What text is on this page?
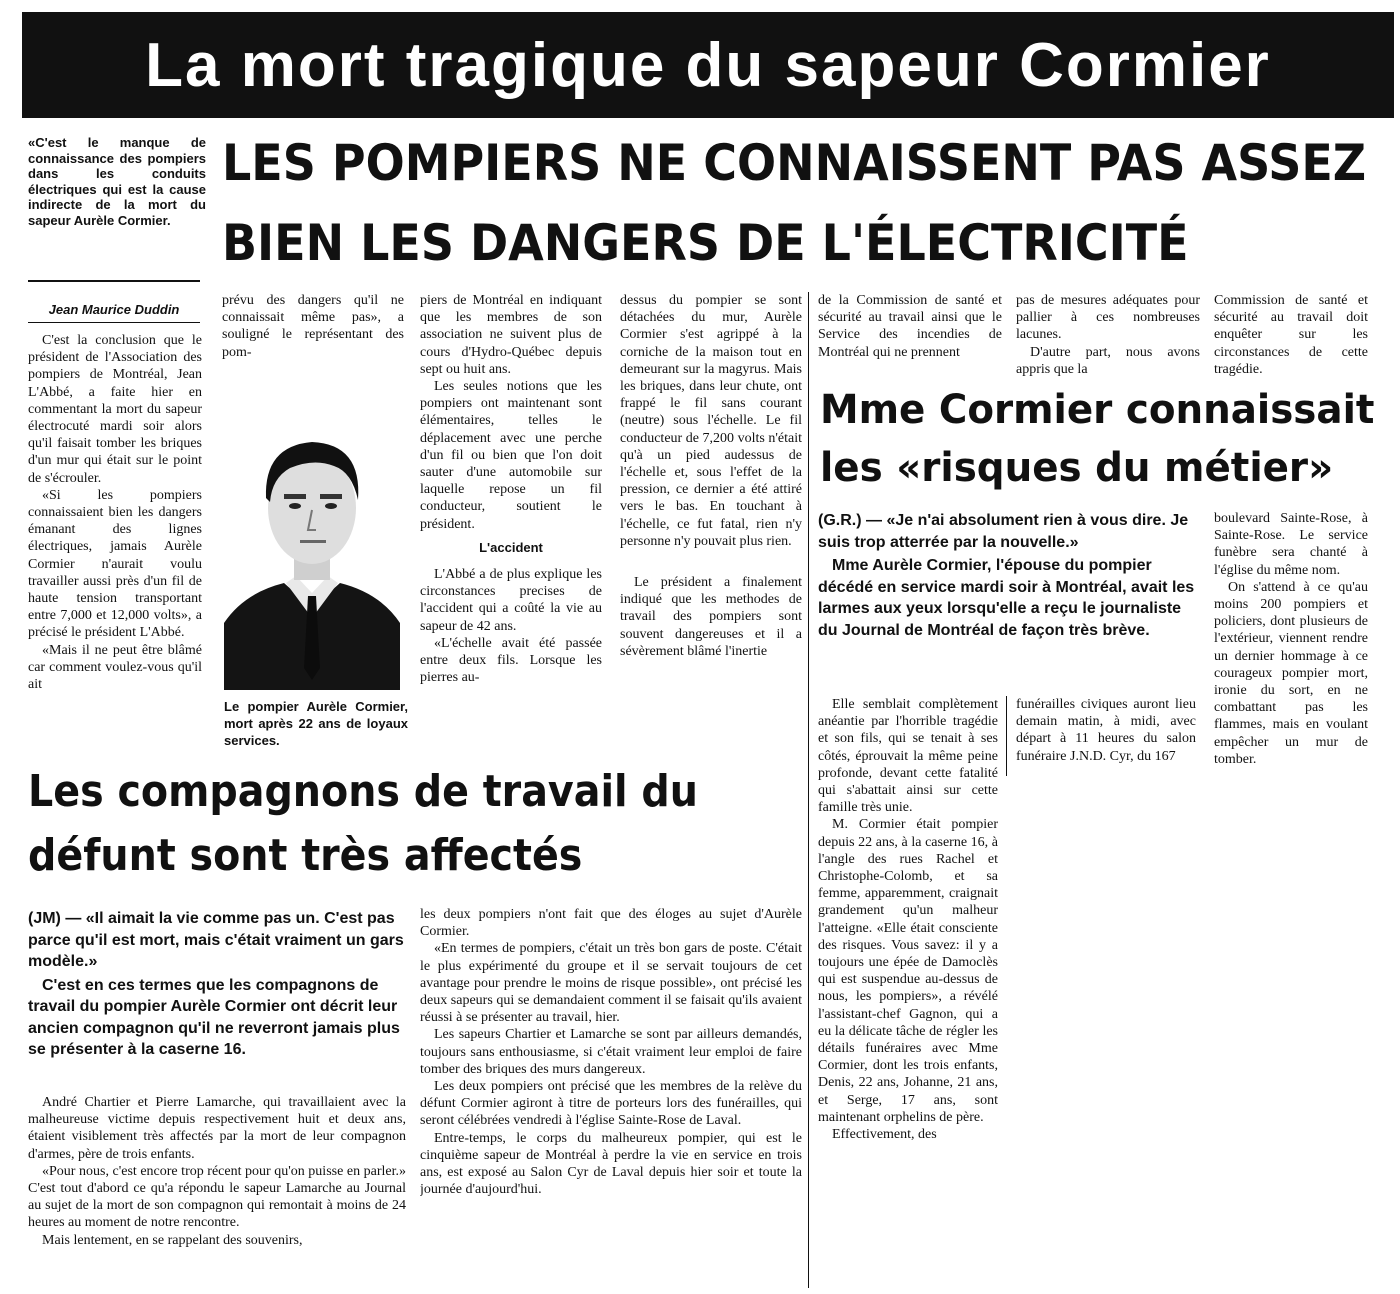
La mort tragique du sapeur Cormier
«C'est le manque de connaissance des pompiers dans les conduits électriques qui est la cause indirecte de la mort du sapeur Aurèle Cormier.
LES POMPIERS NE CONNAISSENT PAS ASSEZ
BIEN LES DANGERS DE L'ÉLECTRICITÉ
Jean Maurice Duddin

C'est la conclusion que le président de l'Association des pompiers de Montréal, Jean L'Abbé, a faite hier en commentant la mort du sapeur électrocuté mardi soir alors qu'il faisait tomber les briques d'un mur qui était sur le point de s'écrouler.

«Si les pompiers connaissaient bien les dangers émanant des lignes électriques, jamais Aurèle Cormier n'aurait voulu travailler aussi près d'un fil de haute tension transportant entre 7,000 et 12,000 volts», a précisé le président L'Abbé.

«Mais il ne peut être blâmé car comment voulez-vous qu'il ait

prévu des dangers qu'il ne connaissait même pas», a souligné le représentant des pom-

Le pompier Aurèle Cormier, mort après 22 ans de loyaux services.

piers de Montréal en indiquant que les membres de son association ne suivent plus de cours d'Hydro-Québec depuis sept ou huit ans.

Les seules notions que les pompiers ont maintenant sont élémentaires, telles le déplacement avec une perche d'un fil ou bien que l'on doit sauter d'une automobile sur laquelle repose un fil conducteur, soutient le président.

L'accident

L'Abbé a de plus explique les circonstances precises de l'accident qui a coûté la vie au sapeur de 42 ans.

«L'échelle avait été passée entre deux fils. Lorsque les pierres au-

dessus du pompier se sont détachées du mur, Aurèle Cormier s'est agrippé à la corniche de la maison tout en demeurant sur la magyrus. Mais les briques, dans leur chute, ont frappé le fil sans courant (neutre) sous l'échelle. Le fil conducteur de 7,200 volts n'était qu'à un pied audessus de l'échelle et, sous l'effet de la pression, ce dernier a été attiré vers le bas. En touchant à l'échelle, ce fut fatal, rien n'y personne n'y pouvait plus rien.

Le président a finalement indiqué que les methodes de travail des pompiers sont souvent dangereuses et il a sévèrement blâmé l'inertie

de la Commission de santé et sécurité au travail ainsi que le Service des incendies de Montréal qui ne prennent

pas de mesures adéquates pour pallier à ces nombreuses lacunes.

D'autre part, nous avons appris que la

Commission de santé et sécurité au travail doit enquêter sur les circonstances de cette tragédie.

Mme Cormier connaissait
les «risques du métier»

(G.R.) — «Je n'ai absolument rien à vous dire. Je suis trop atterrée par la nouvelle.»

Mme Aurèle Cormier, l'épouse du pompier décédé en service mardi soir à Montréal, avait les larmes aux yeux lorsqu'elle a reçu le journaliste du Journal de Montréal de façon très brève.

Elle semblait complètement anéantie par l'horrible tragédie et son fils, qui se tenait à ses côtés, éprouvait la même peine profonde, devant cette fatalité qui s'abattait ainsi sur cette famille très unie.

M. Cormier était pompier depuis 22 ans, à la caserne 16, à l'angle des rues Rachel et Christophe-Colomb, et sa femme, apparemment, craignait grandement qu'un malheur l'atteigne. «Elle était consciente des risques. Vous savez: il y a toujours une épée de Damoclès qui est suspendue au-dessus de nous, les pompiers», a révélé l'assistant-chef Gagnon, qui a eu la délicate tâche de régler les détails funéraires avec Mme Cormier, dont les trois enfants, Denis, 22 ans, Johanne, 21 ans, et Serge, 17 ans, sont maintenant orphelins de père.

Effectivement, des

funérailles civiques auront lieu demain matin, à midi, avec départ à 11 heures du salon funéraire J.N.D. Cyr, du 167

boulevard Sainte-Rose, à Sainte-Rose. Le service funèbre sera chanté à l'église du même nom.

On s'attend à ce qu'au moins 200 pompiers et policiers, dont plusieurs de l'extérieur, viennent rendre un dernier hommage à ce courageux pompier mort, ironie du sort, en ne combattant pas les flammes, mais en voulant empêcher un mur de tomber.

Les compagnons de travail du
défunt sont très affectés

(JM) — «Il aimait la vie comme pas un. C'est pas parce qu'il est mort, mais c'était vraiment un gars modèle.»

C'est en ces termes que les compagnons de travail du pompier Aurèle Cormier ont décrit leur ancien compagnon qu'il ne reverront jamais plus se présenter à la caserne 16.

André Chartier et Pierre Lamarche, qui travaillaient avec la malheureuse victime depuis respectivement huit et deux ans, étaient visiblement très affectés par la mort de leur compagnon d'armes, père de trois enfants.

«Pour nous, c'est encore trop récent pour qu'on puisse en parler.» C'est tout d'abord ce qu'a répondu le sapeur Lamarche au Journal au sujet de la mort de son compagnon qui remontait à moins de 24 heures au moment de notre rencontre.

Mais lentement, en se rappelant des souvenirs,

les deux pompiers n'ont fait que des éloges au sujet d'Aurèle Cormier.

«En termes de pompiers, c'était un très bon gars de poste. C'était le plus expérimenté du groupe et il se servait toujours de cet avantage pour prendre le moins de risque possible», ont précisé les deux sapeurs qui se demandaient comment il se faisait qu'ils avaient réussi à se présenter au travail, hier.

Les sapeurs Chartier et Lamarche se sont par ailleurs demandés, toujours sans enthousiasme, si c'était vraiment leur emploi de faire tomber des briques des murs dangereux.

Les deux pompiers ont précisé que les membres de la relève du défunt Cormier agiront à titre de porteurs lors des funérailles, qui seront célébrées vendredi à l'église Sainte-Rose de Laval.

Entre-temps, le corps du malheureux pompier, qui est le cinquième sapeur de Montréal à perdre la vie en service en trois ans, est exposé au Salon Cyr de Laval depuis hier soir et toute la journée d'aujourd'hui.
